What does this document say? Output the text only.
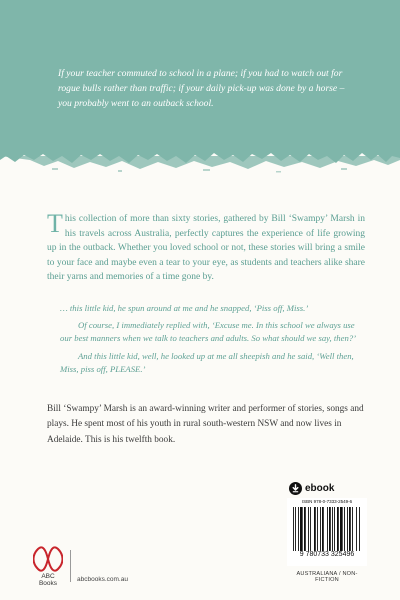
If your teacher commuted to school in a plane; if you had to watch out for rogue bulls rather than traffic; if your daily pick-up was done by a horse – you probably went to an outback school.

This collection of more than sixty stories, gathered by Bill ‘Swampy’ Marsh in his travels across Australia, perfectly captures the experience of life growing up in the outback. Whether you loved school or not, these stories will bring a smile to your face and maybe even a tear to your eye, as students and teachers alike share their yarns and memories of a time gone by.

… this little kid, he spun around at me and he snapped, ‘Piss off, Miss.’

Of course, I immediately replied with, ‘Excuse me. In this school we always use our best manners when we talk to teachers and adults. So what should we say, then?’

And this little kid, well, he looked up at me all sheepish and he said, ‘Well then, Miss, piss off, PLEASE.’

Bill ‘Swampy’ Marsh is an award-winning writer and performer of stories, songs and plays. He spent most of his youth in rural south-western NSW and now lives in Adelaide. This is his twelfth book.

ebook
ISBN 978-0-7333-2549-6
9 780733 325496
AUSTRALIANA / NON-FICTION
ABC Books
abcbooks.com.au
